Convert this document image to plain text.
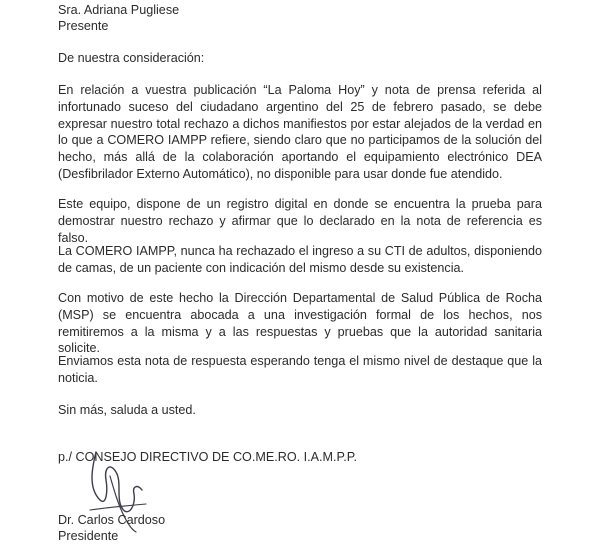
Sra. Adriana Pugliese

Presente

De nuestra consideración:

En relación a vuestra publicación “La Paloma Hoy” y nota de prensa referida al infortunado suceso del ciudadano argentino del 25 de febrero pasado, se debe expresar nuestro total rechazo a dichos manifiestos por estar alejados de la verdad en lo que a COMERO IAMPP refiere, siendo claro que no participamos de la solución del hecho, más allá de la colaboración aportando el equipamiento electrónico DEA (Desfibrilador Externo Automático), no disponible para usar donde fue atendido.

Este equipo, dispone de un registro digital en donde se encuentra la prueba para demostrar nuestro rechazo y afirmar que lo declarado en la nota de referencia es falso.

La COMERO IAMPP, nunca ha rechazado el ingreso a su CTI de adultos, disponiendo de camas, de un paciente con indicación del mismo desde su existencia.

Con motivo de este hecho la Dirección Departamental de Salud Pública de Rocha (MSP) se encuentra abocada a una investigación formal de los hechos, nos remitiremos a la misma y a las respuestas y pruebas que la autoridad sanitaria solicite.

Enviamos esta nota de respuesta esperando tenga el mismo nivel de destaque que la noticia.

Sin más, saluda a usted.

p./ CONSEJO DIRECTIVO DE CO.ME.RO. I.A.M.P.P.

Dr. Carlos Cardoso

Presidente
